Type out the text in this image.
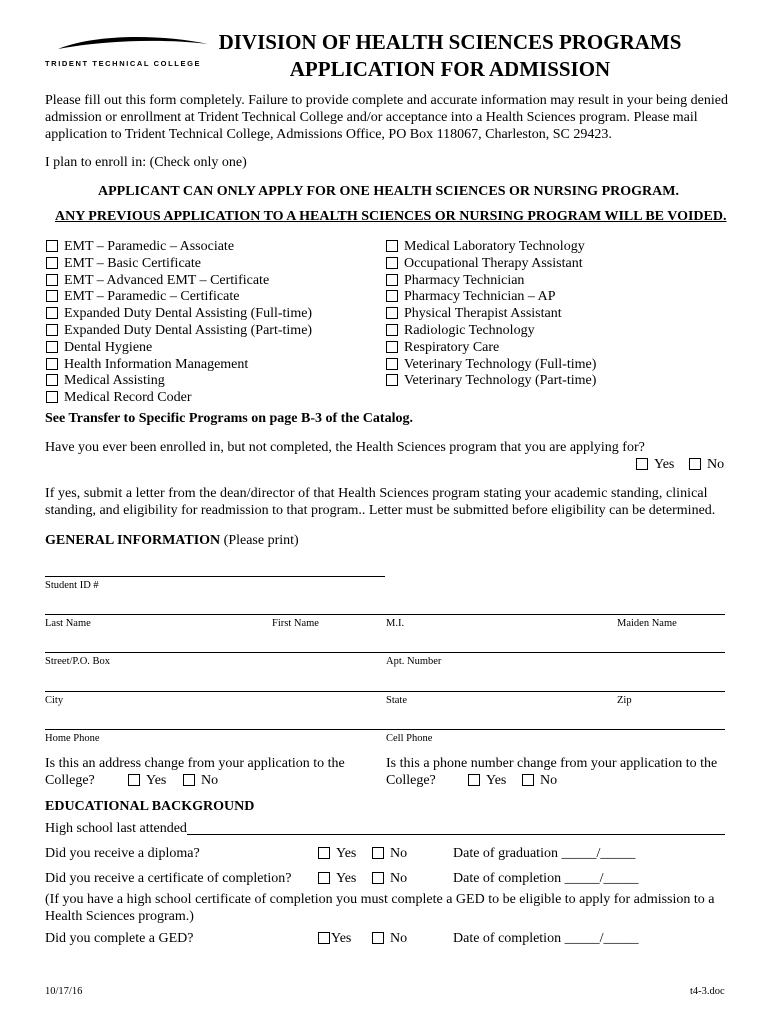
TRIDENT TECHNICAL COLLEGE
DIVISION OF HEALTH SCIENCES PROGRAMS
APPLICATION FOR ADMISSION
Please fill out this form completely. Failure to provide complete and accurate information may result in your being denied
admission or enrollment at Trident Technical College and/or acceptance into a Health Sciences program. Please mail
application to Trident Technical College, Admissions Office, PO Box 118067, Charleston, SC 29423.
I plan to enroll in: (Check only one)
APPLICANT CAN ONLY APPLY FOR ONE HEALTH SCIENCES OR NURSING PROGRAM.
ANY PREVIOUS APPLICATION TO A HEALTH SCIENCES OR NURSING PROGRAM WILL BE VOIDED.
EMT – Paramedic – Associate
EMT – Basic Certificate
EMT – Advanced EMT – Certificate
EMT – Paramedic – Certificate
Expanded Duty Dental Assisting (Full-time)
Expanded Duty Dental Assisting (Part-time)
Dental Hygiene
Health Information Management
Medical Assisting
Medical Record Coder
Medical Laboratory Technology
Occupational Therapy Assistant
Pharmacy Technician
Pharmacy Technician – AP
Physical Therapist Assistant
Radiologic Technology
Respiratory Care
Veterinary Technology (Full-time)
Veterinary Technology (Part-time)
See Transfer to Specific Programs on page B-3 of the Catalog.
Have you ever been enrolled in, but not completed, the Health Sciences program that you are applying for?
Yes	No
If yes, submit a letter from the dean/director of that Health Sciences program stating your academic standing, clinical
standing, and eligibility for readmission to that program.. Letter must be submitted before eligibility can be determined.
GENERAL INFORMATION (Please print)
Student ID #
Last Name	First Name	M.I.	Maiden Name
Street/P.O. Box	Apt. Number
City	State	Zip
Home Phone	Cell Phone
Is this an address change from your application to the
College?	Yes	No
Is this a phone number change from your application to the
College?	Yes	No
EDUCATIONAL BACKGROUND
High school last attended
Did you receive a diploma?	Yes	No	Date of graduation _____/_____
Did you receive a certificate of completion?	Yes	No	Date of completion _____/_____
(If you have a high school certificate of completion you must complete a GED to be eligible to apply for admission to a
Health Sciences program.)
Did you complete a GED?	Yes	No	Date of completion _____/_____
10/17/16	t4-3.doc
